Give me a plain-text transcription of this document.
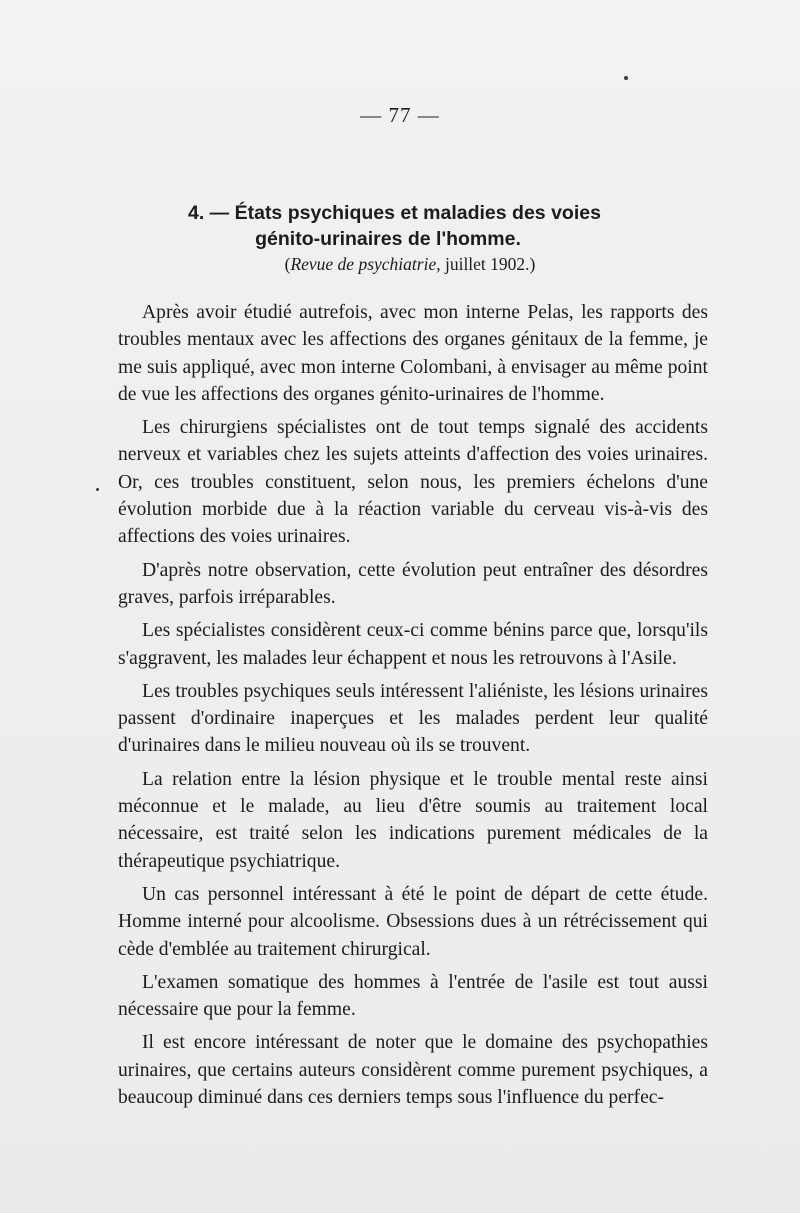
— 77 —
4. — États psychiques et maladies des voies
génito-urinaires de l'homme.
(Revue de psychiatrie, juillet 1902.)

Après avoir étudié autrefois, avec mon interne Pelas, les rapports des troubles mentaux avec les affections des organes génitaux de la femme, je me suis appliqué, avec mon interne Colombani, à envisager au même point de vue les affections des organes génito-urinaires de l'homme.

Les chirurgiens spécialistes ont de tout temps signalé des accidents nerveux et variables chez les sujets atteints d'affection des voies urinaires. Or, ces troubles constituent, selon nous, les premiers échelons d'une évolution morbide due à la réaction variable du cerveau vis-à-vis des affections des voies urinaires.

D'après notre observation, cette évolution peut entraîner des désordres graves, parfois irréparables.

Les spécialistes considèrent ceux-ci comme bénins parce que, lorsqu'ils s'aggravent, les malades leur échappent et nous les retrouvons à l'Asile.

Les troubles psychiques seuls intéressent l'aliéniste, les lésions urinaires passent d'ordinaire inaperçues et les malades perdent leur qualité d'urinaires dans le milieu nouveau où ils se trouvent.

La relation entre la lésion physique et le trouble mental reste ainsi méconnue et le malade, au lieu d'être soumis au traitement local nécessaire, est traité selon les indications purement médicales de la thérapeutique psychiatrique.

Un cas personnel intéressant à été le point de départ de cette étude. Homme interné pour alcoolisme. Obsessions dues à un rétrécissement qui cède d'emblée au traitement chirurgical.

L'examen somatique des hommes à l'entrée de l'asile est tout aussi nécessaire que pour la femme.

Il est encore intéressant de noter que le domaine des psychopathies urinaires, que certains auteurs considèrent comme purement psychiques, a beaucoup diminué dans ces derniers temps sous l'influence du perfec-
